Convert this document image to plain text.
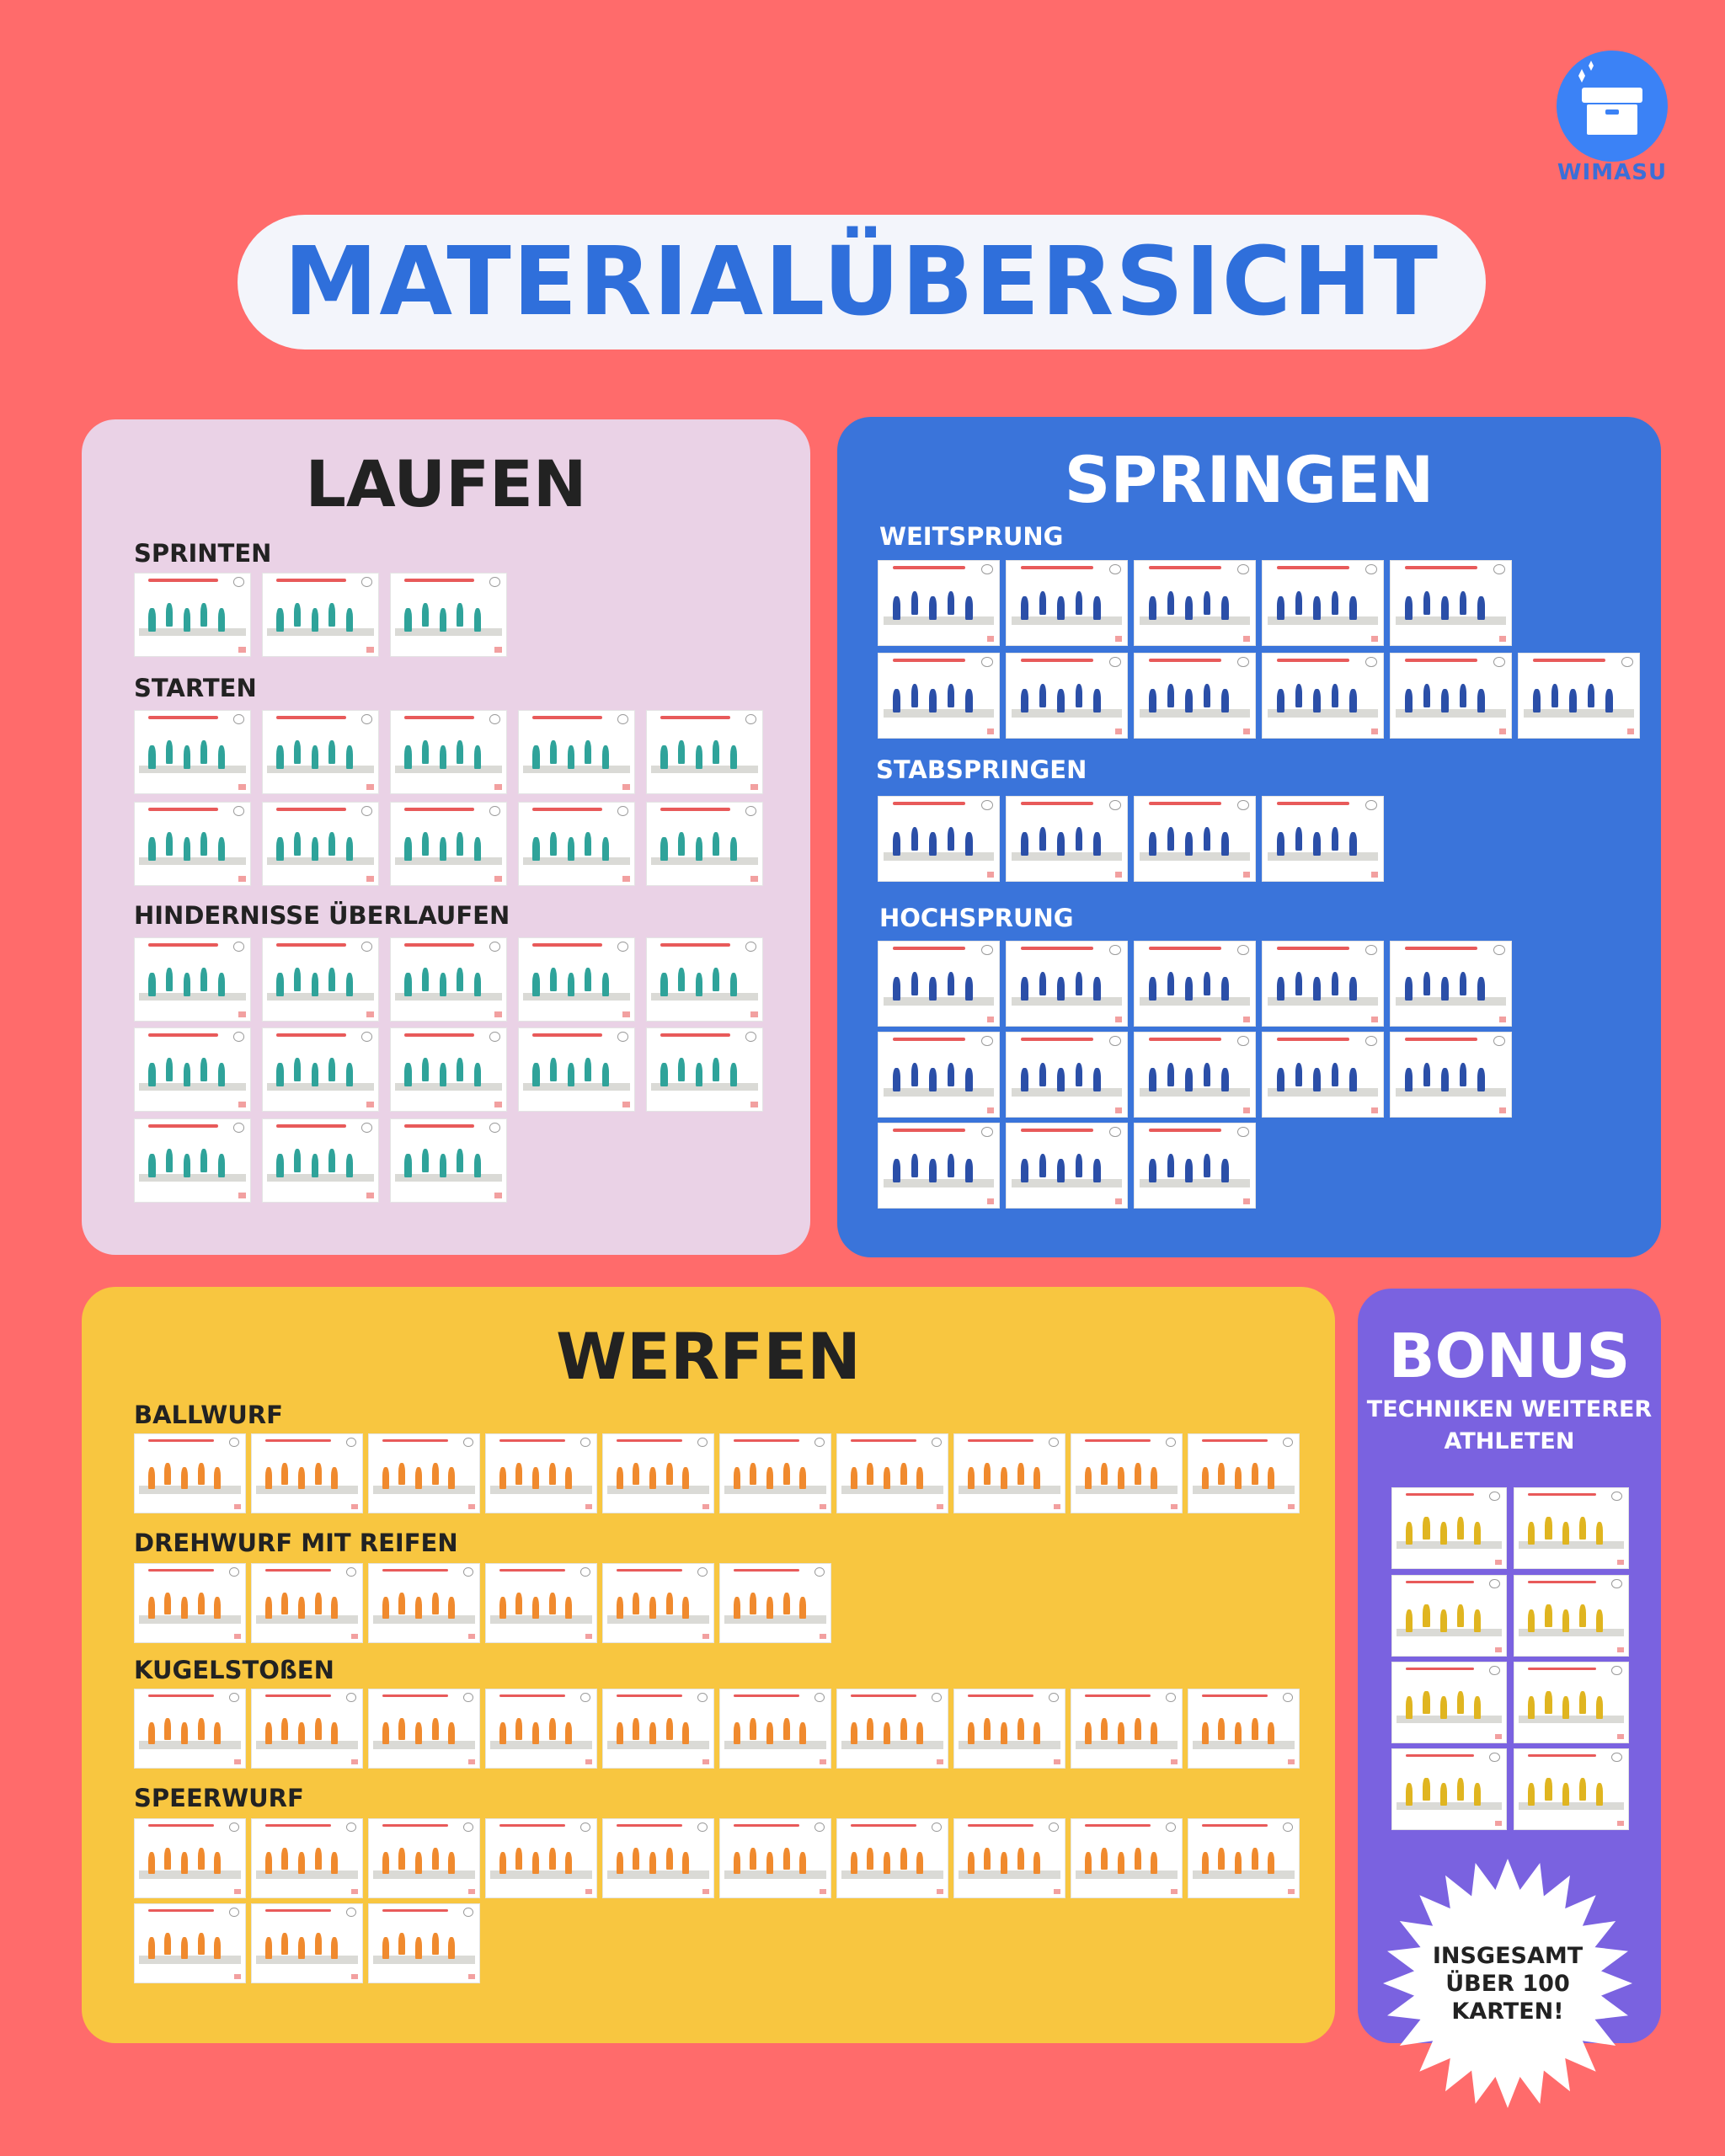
WIMASU
MATERIALÜBERSICHT
LAUFEN
SPRINTEN
STARTEN
HINDERNISSE ÜBERLAUFEN
SPRINGEN
WEITSPRUNG
STABSPRINGEN
HOCHSPRUNG
WERFEN
BALLWURF
DREHWURF MIT REIFEN
KUGELSTOßEN
SPEERWURF
BONUS
TECHNIKEN WEITERER
ATHLETEN
INSGESAMT
ÜBER 100
KARTEN!
